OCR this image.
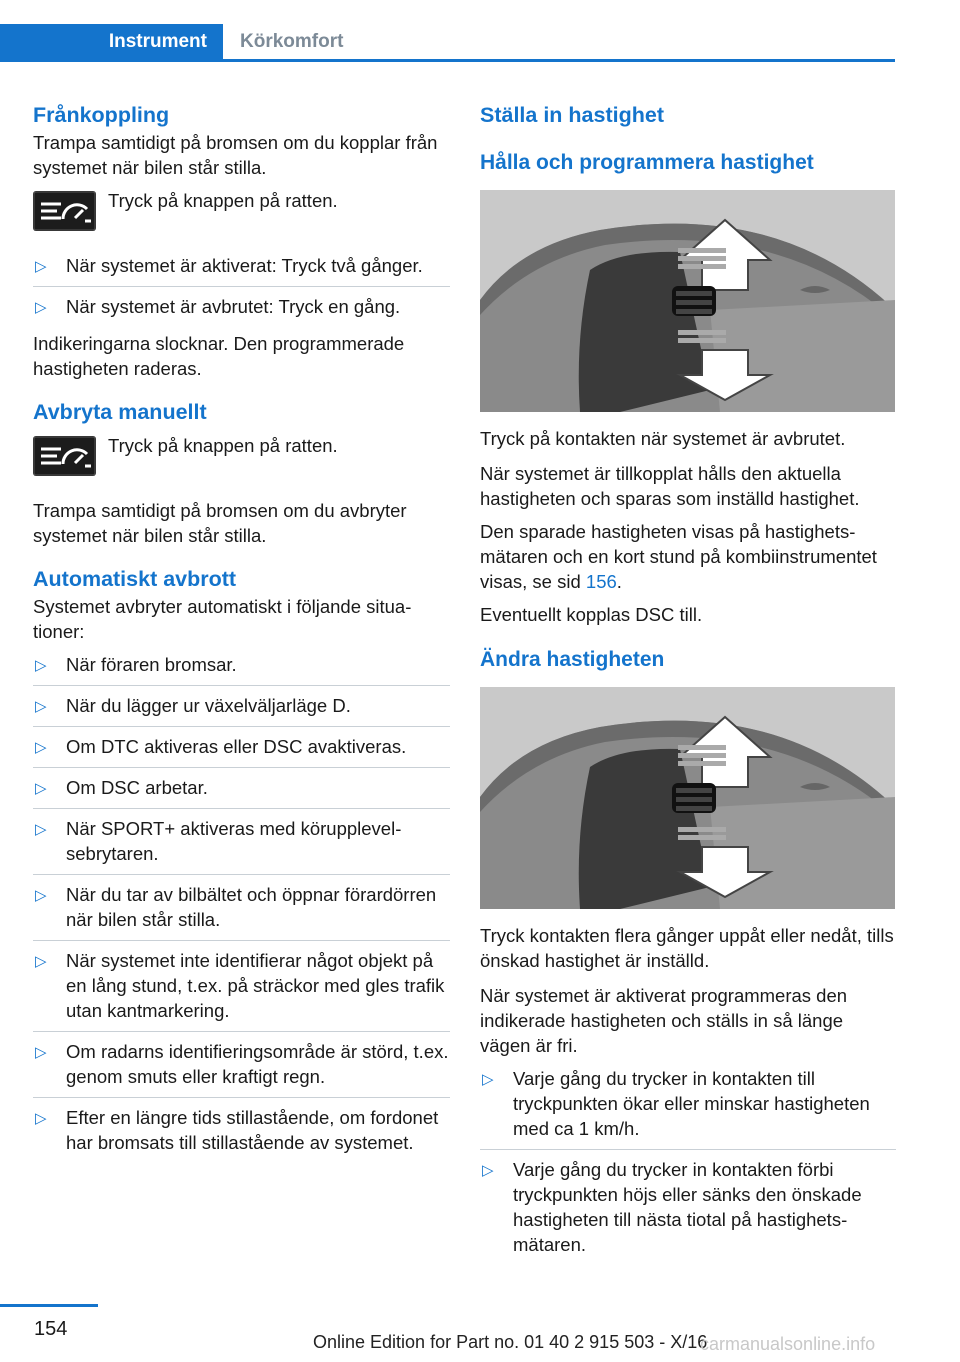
Instrument	Körkomfort
Frånkoppling

Trampa samtidigt på bromsen om du kopplar från systemet när bilen står stilla.

Tryck på knappen på ratten.

▷ När systemet är aktiverat: Tryck två gånger.
▷ När systemet är avbrutet: Tryck en gång.

Indikeringarna slocknar. Den programmerade hastigheten raderas.

Avbryta manuellt

Tryck på knappen på ratten.

Trampa samtidigt på bromsen om du avbryter systemet när bilen står stilla.

Automatiskt avbrott

Systemet avbryter automatiskt i följande situationer:

▷ När föraren bromsar.
▷ När du lägger ur växelväljarläge D.
▷ Om DTC aktiveras eller DSC avaktiveras.
▷ Om DSC arbetar.
▷ När SPORT+ aktiveras med körupplevelsebrytaren.
▷ När du tar av bilbältet och öppnar förardörren när bilen står stilla.
▷ När systemet inte identifierar något objekt på en lång stund, t.ex. på sträckor med gles trafik utan kantmarkering.
▷ Om radarns identifieringsområde är störd, t.ex. genom smuts eller kraftigt regn.
▷ Efter en längre tids stillastående, om fordonet har bromsats till stillastående av systemet.
Ställa in hastighet
Hålla och programmera hastighet

Tryck på kontakten när systemet är avbrutet.

När systemet är tillkopplat hålls den aktuella hastigheten och sparas som inställd hastighet.

Den sparade hastigheten visas på hastighetsmätaren och en kort stund på kombiinstrumentet visas, se sid 156.

Eventuellt kopplas DSC till.

Ändra hastigheten

Tryck kontakten flera gånger uppåt eller nedåt, tills önskad hastighet är inställd.

När systemet är aktiverat programmeras den indikerade hastigheten och ställs in så länge vägen är fri.

▷ Varje gång du trycker in kontakten till tryckpunkten ökar eller minskar hastigheten med ca 1 km/h.
▷ Varje gång du trycker in kontakten förbi tryckpunkten höjs eller sänks den önskade hastigheten till nästa tiotal på hastighetsmätaren.
154
Online Edition for Part no. 01 40 2 915 503 - X/16
carmanualsonline.info
